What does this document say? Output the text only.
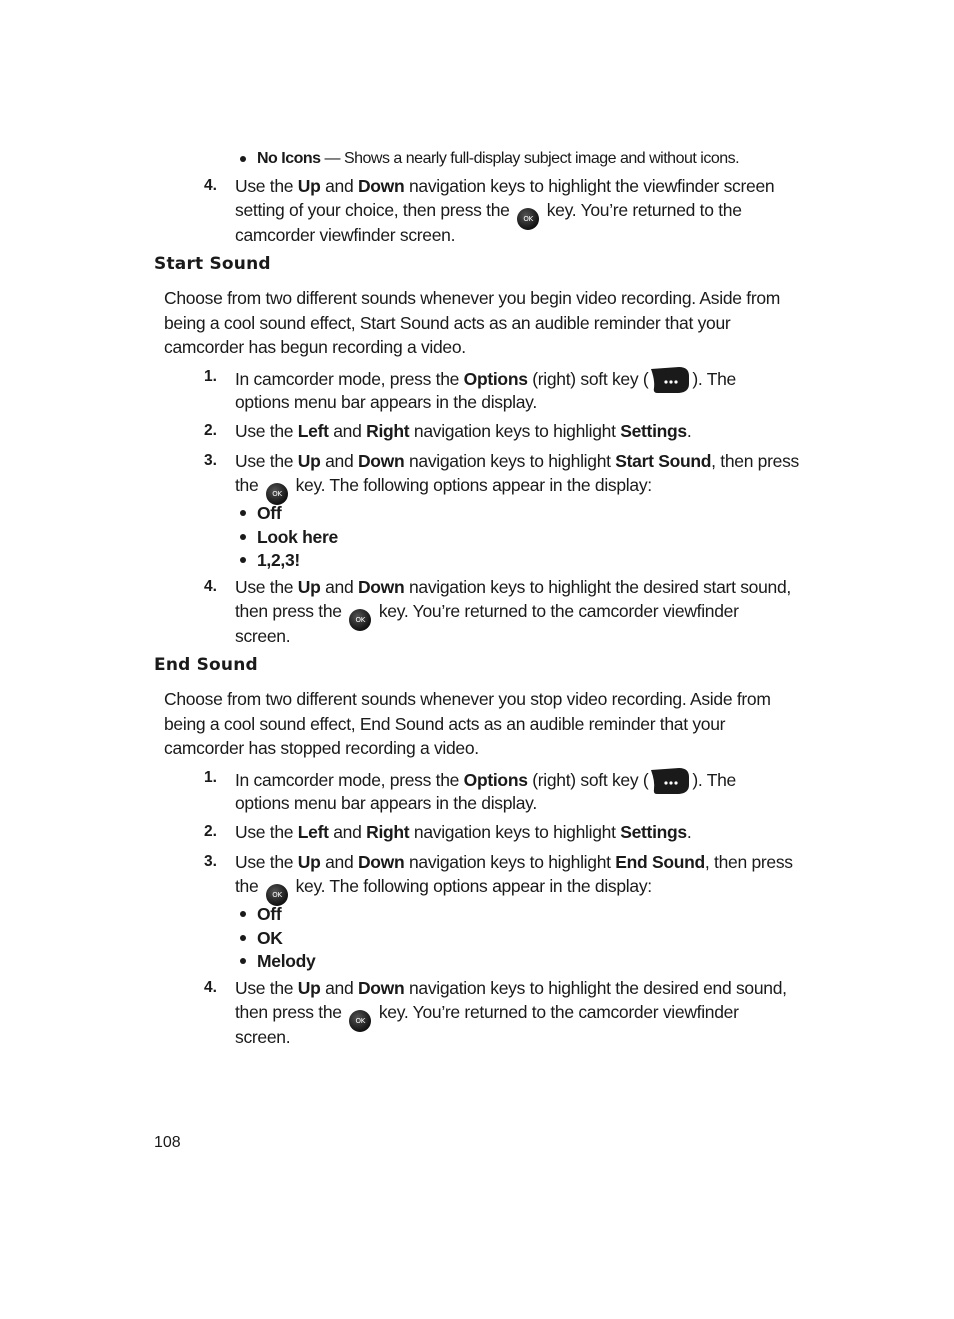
No Icons — Shows a nearly full-display subject image and without icons.
4. Use the Up and Down navigation keys to highlight the viewfinder screen
setting of your choice, then press the OK key. You’re returned to the
camcorder viewfinder screen.
Start Sound
Choose from two different sounds whenever you begin video recording. Aside from
being a cool sound effect, Start Sound acts as an audible reminder that your
camcorder has begun recording a video.
1. In camcorder mode, press the Options (right) soft key (	). The
options menu bar appears in the display.
2. Use the Left and Right navigation keys to highlight Settings.
3. Use the Up and Down navigation keys to highlight Start Sound, then press
the OK key. The following options appear in the display:
Off
Look here
1,2,3!
4. Use the Up and Down navigation keys to highlight the desired start sound,
then press the OK key. You’re returned to the camcorder viewfinder
screen.
End Sound
Choose from two different sounds whenever you stop video recording. Aside from
being a cool sound effect, End Sound acts as an audible reminder that your
camcorder has stopped recording a video.
1. In camcorder mode, press the Options (right) soft key (	). The
options menu bar appears in the display.
2. Use the Left and Right navigation keys to highlight Settings.
3. Use the Up and Down navigation keys to highlight End Sound, then press
the OK key. The following options appear in the display:
Off
OK
Melody
4. Use the Up and Down navigation keys to highlight the desired end sound,
then press the OK key. You’re returned to the camcorder viewfinder
screen.
108
